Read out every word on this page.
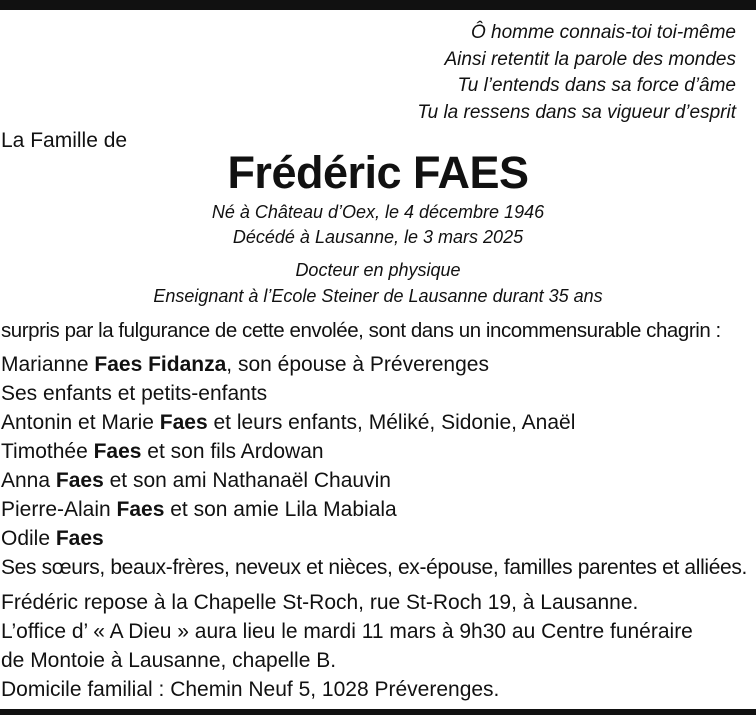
Ô homme connais-toi toi-même
Ainsi retentit la parole des mondes
Tu l’entends dans sa force d’âme
Tu la ressens dans sa vigueur d’esprit
La Famille de
Frédéric FAES
Né à Château d’Oex, le 4 décembre 1946
Décédé à Lausanne, le 3 mars 2025
Docteur en physique
Enseignant à l’Ecole Steiner de Lausanne durant 35 ans
surpris par la fulgurance de cette envolée, sont dans un incommensurable chagrin :
Marianne Faes Fidanza, son épouse à Préverenges
Ses enfants et petits-enfants
Antonin et Marie Faes et leurs enfants, Méliké, Sidonie, Anaël
Timothée Faes et son fils Ardowan
Anna Faes et son ami Nathanaël Chauvin
Pierre-Alain Faes et son amie Lila Mabiala
Odile Faes
Ses sœurs, beaux-frères, neveux et nièces, ex-épouse, familles parentes et alliées.
Frédéric repose à la Chapelle St-Roch, rue St-Roch 19, à Lausanne.
L’office d’ « A Dieu » aura lieu le mardi 11 mars à 9h30 au Centre funéraire
de Montoie à Lausanne, chapelle B.
Domicile familial : Chemin Neuf 5, 1028 Préverenges.
